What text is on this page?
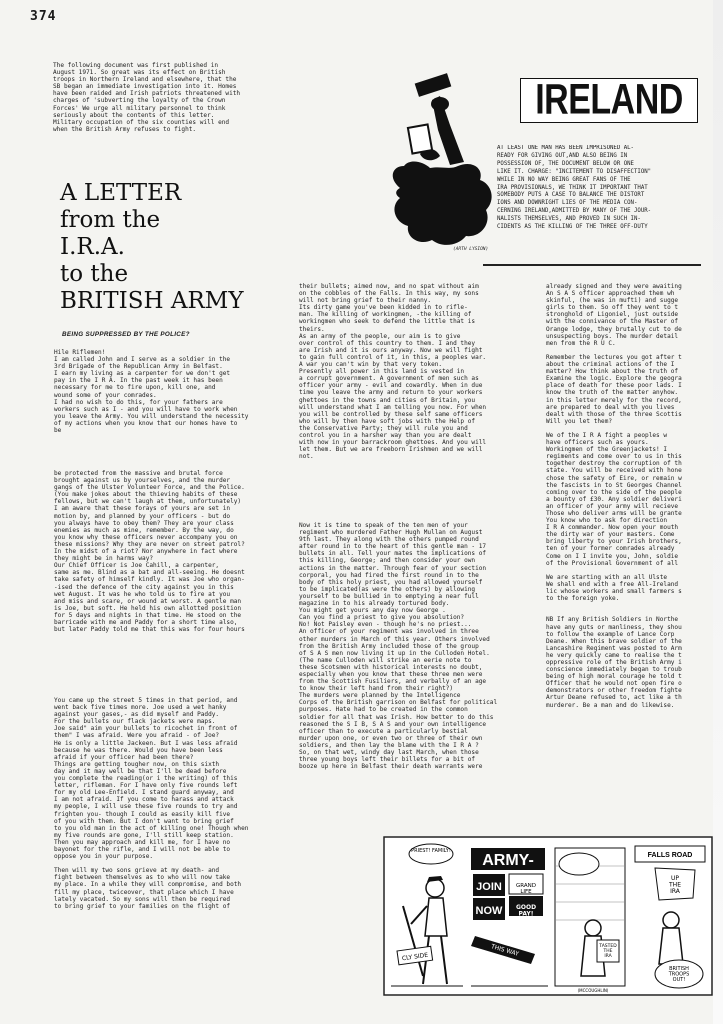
374

The following document was first published in
August 1971. So great was its effect on British
troops in Northern Ireland and elsewhere, that the
SB began an immediate investigation into it. Homes
have been raided and Irish patriots threatened with
charges of 'subverting the loyalty of the Crown
Forces' We urge all military personnel to think
seriously about the contents of this letter.
Military occupation of the six counties will end
when the British Army refuses to fight.

(ARTH LYSION)
IRELAND

AT LEAST ONE MAN HAS BEEN IMPRISONED AL-
READY FOR GIVING OUT,AND ALSO BEING IN
POSSESSION OF, THE DOCUMENT BELOW OR ONE
LIKE IT. CHARGE: "INCITEMENT TO DISAFFECTION"
WHILE IN NO WAY BEING GREAT FANS OF THE
IRA PROVISIONALS, WE THINK IT IMPORTANT THAT
SOMEBODY PUTS A CASE TO BALANCE THE DISTORT
IONS AND DOWNRIGHT LIES OF THE MEDIA CON-
CERNING IRELAND,ADMITTED BY MANY OF THE JOUR-
NALISTS THEMSELVES, AND PROVED IN SUCH IN-
CIDENTS AS THE KILLING OF THE THREE OFF-DUTY

A LETTER
from the
I.R.A.
to the
BRITISH ARMY

BEING SUPPRESSED BY THE POLICE?

Hile Riflemen!
I am called John and I serve as a soldier in the
3rd Brigade of the Republican Army in Belfast.
I earn my living as a carpenter for we don't get
pay in the I R A. In the past week it has been
necessary for me to fire upon, kill one, and
wound some of your comrades.
I had no wish to do this, for your fathers are
workers such as I - and you will have to work when
you leave the Army. You will understand the necessity
of my actions when you know that our homes have to
be

be protected from the massive and brutal force
brought against us by yourselves, and the murder
gangs of the Ulster Volunteer Force, and the Police.
(You make jokes about the thieving habits of these
fellows, but we can't laugh at them, unfortunately)
I am aware that these forays of yours are set in
motion by, and planned by your officers - but do
you always have to obey them? They are your class
enemies as much as mine, remember. By the way, do
you know why these officers never accompany you on
these missions? Why they are never on street patrol?
In the midst of a riot? Nor anywhere in fact where
they might be in harms way?
Our Chief Officer is Joe Cahill, a carpenter,
same as me. Blind as a bat and all-seeing. He doesnt
take safety of himself kindly. It was Joe who organ-
-ised the defence of the city against you in this
wet August. It was he who told us to fire at you
and miss and scare, or wound at worst. A gentle man
is Joe, but soft. He held his own allotted position
for 5 days and nights in that time. He stood on the
barricade with me and Paddy for a short time also,
but later Paddy told me that this was for four hours

You came up the street 5 times in that period, and
went back five times more. Joe used a wet hanky
against your gases,- as did myself and Paddy.
For the bullets our flack jackets were maps.
Joe said" aim your bullets to ricochet in front of
them" I was afraid. Were you afraid - of Joe?
He is only a little Jackeen. But I was less afraid
because he was there. Would you have been less
afraid if your officer had been there?
Things are getting tougher now, on this sixth
day and it may well be that I'll be dead before
you complete the reading(or i the writing) of this
letter, rifleman. For I have only five rounds left
for my old Lee-Enfield. I stand guard anyway, and
I am not afraid. If you come to harass and attack
my people, I will use these five rounds to try and
frighten you- though I could as easily kill five
of you with them. But I don't want to bring grief
to you old man in the act of killing one! Though when
my five rounds are gone, I'll still keep station.
Then you may approach and kill me, for I have no
bayonet for the rifle, and I will not be able to
oppose you in your purpose.

Then will my two sons grieve at my death- and
fight between themselves as to who will now take
my place. In a while they will compromise, and both
fill my place, twiceover, that place which I have
lately vacated. So my sons will then be required
to bring grief to your families on the flight of

their bullets; aimed now, and no spat without aim
on the cobbles of the Falls. In this way, my sons
will not bring grief to their nanny.
Its dirty game you've been kidded in to rifle-
man. The killing of workingmen, -the killing of
workingmen who seek to defend the little that is
theirs.
As an army of the people, our aim is to give
over control of this country to them. I and they
are Irish and it is ours anyway. Now we will fight
to gain full control of it, in this, a peoples war.
A war you can't win by that very token.
Presently all power in this land is vested in
a corrupt government. A government of men such as
officer your army - evil and cowardly. When in due
time you leave the army and return to your workers
ghettoes in the towns and cities of Britain, you
will understand what I am telling you now. For when
you will be controlled by these self same officers
who will by then have soft jobs with the Help of
the Conservative Party; they will rule you and
control you in a harsher way than you are dealt
with now in your barrackroom ghettoes. And you will
let them. But we are freeborn Irishmen and we will
not.

Now it is time to speak of the ten men of your
regiment who murdered Father Hugh Mullan on August
9th last. They along with the others pumped round
after round in to the heart of this gentle man - 17
bullets in all. Tell your mates the implications of
this killing, George; and then consider your own
actions in the matter. Through fear of your section
corporal, you had fired the first round in to the
body of this holy priest, you had allowed yourself
to be implicated(as were the others) by allowing
yourself to be bullied in to emptying a near full
magazine in to his already tortured body.
You might get yours any day now George .
Can you find a priest to give you absolution?
No! Not Paisley even - though he's no priest...
An officer of your regiment was involved in three
other murders in March of this year. Others involved
from the British Army included those of the group
of S A S men now living it up in the Culloden Hotel.
(The name Culloden will strike an eerie note to
these Scotsmen with historical interests no doubt,
especially when you know that these three men were
from the Scottish Fusiliers, and verbally of an age
to know their left hand from their right?)
The murders were planned by the Intelligence
Corps of the British garrison on Belfast for political
purposes. Hate had to be created in the common
soldier for all that was Irish. How better to do this
reasoned the S I B, S A S and your own intelligence
officer than to execute a particularly bestial
murder upon one, or even two or three of their own
soldiers, and then lay the blame with the I R A ?
So, on that wet, windy day last March, when those
three young boys left their billets for a bit of
booze up here in Belfast their death warrants were

already signed and they were awaiting
An S A S officer approached them wh
skinful, (he was in mufti) and sugge
girls to them. So off they went to t
stronghold of Ligoniel, just outside
with the connivance of the Master of
Orange lodge, they brutally cut to de
unsuspecting boys. The murder detail
men from the R U C.

Remember the lectures you got after t
about the criminal actions of the I
matter? How think about the truth of
Examine the logic. Explore the geogra
place of death for these poor lads. I
know the truth of the matter anyhow.
in this letter merely for the record,
are prepared to deal with you lives
dealt with those of the three Scottis
Will you let them?

We of the I R A fight a peoples w
have officers such as yours.
Workingmen of the Greenjackets! I
regiments and come over to us in this
together destroy the corruption of th
state. You will be received with hone
chose the safety of Eire, or remain w
the fascists in to St Georges Channel
coming over to the side of the people
a bounty of £30. Any soldier deliveri
an officer of your army will recieve
Those who deliver arms will be grante
You know who to ask for direction
I R A commander. Now open your mouth
the dirty war of your masters. Come
bring liberty to your Irish brothers,
ten of your former comrades already
Come on I I invite you, John, soldie
of the Provisional Government of all

We are starting with an all Ulste
We shall end with a free All-Ireland
lic whose workers and small farmers s
to the foreign yoke.

NB If any British Soldiers in Northe
have any guts or manliness, they shou
to follow the example of Lance Corp
Deane. When this brave soldier of the
Lancashire Regiment was posted to Arm
he very quickly came to realise the t
oppressive role of the British Army i
conscience immediately began to troub
being of high moral courage he told t
Officer that he would not open fire o
demonstrators or other freedom fighte
Artur Deane refused to, act like a th
murderer. Be a man and do likewise.

PRIEST! FAMILY!
CLY SIDE
ARMY-
JOIN
NOW
GRAND LIFE
GOOD PAY!
THIS WAY	TASTED THE IRA
FALLS ROAD
UP THE IRA
BRITISH TROOPS OUT!
(MCCOUGHLIN)
